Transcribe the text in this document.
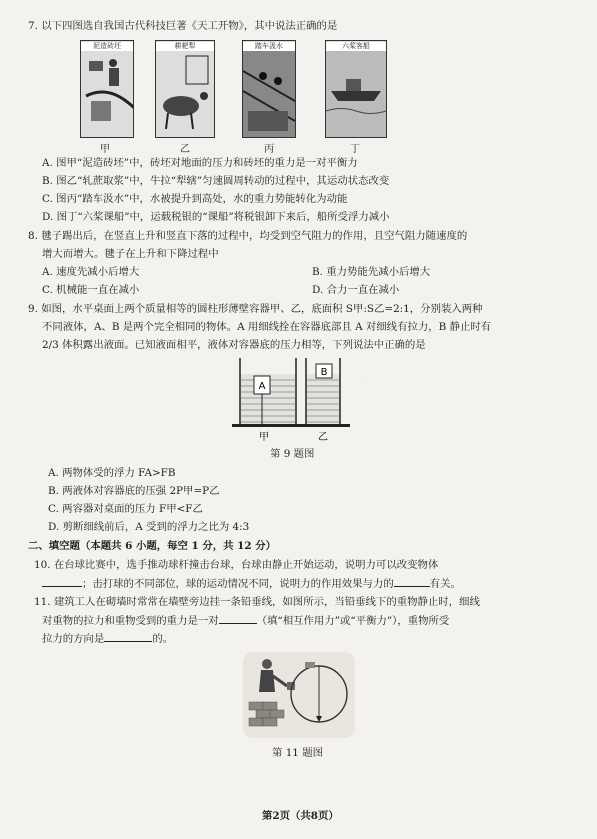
·
7. 以下四图选自我国古代科技巨著《天工开物》，其中说法正确的是
泥造砖坯
甲
耕耙犁
乙
踏车汲水
丙
六桨客船
丁
A. 图甲“泥造砖坯”中，砖坯对地面的压力和砖坯的重力是一对平衡力
B. 图乙“轧蔗取浆”中，牛拉“犁辖”匀速圆周转动的过程中，其运动状态改变
C. 图丙“踏车汲水”中，水被提升到高处，水的重力势能转化为动能
D. 图丁“六桨课船”中，运载税银的“课船”将税银卸下来后，船所受浮力减小
8. 毽子踢出后，在竖直上升和竖直下落的过程中，均受到空气阻力的作用，且空气阻力随速度的
增大而增大。毽子在上升和下降过程中
A. 速度先减小后增大	B. 重力势能先减小后增大
C. 机械能一直在减小	D. 合力一直在减小
9. 如图，水平桌面上两个质量相等的圆柱形薄壁容器甲、乙，底面积 S甲:S乙=2:1，分别装入两种
不同液体，A、B 是两个完全相同的物体。A 用细线拴在容器底部且 A 对细线有拉力，B 静止时有
2/3 体积露出液面。已知液面相平，液体对容器底的压力相等，下列说法中正确的是
A
B
甲	乙
第 9 题图
A. 两物体受的浮力 FA>FB
B. 两液体对容器底的压强 2P甲=P乙
C. 两容器对桌面的压力 F甲<F乙
D. 剪断细线前后，A 受到的浮力之比为 4:3
二、填空题（本题共 6 小题，每空 1 分，共 12 分）
10. 在台球比赛中，选手推动球杆撞击台球，台球由静止开始运动，说明力可以改变物体
；击打球的不同部位，球的运动情况不同，说明力的作用效果与力的	有关。
11. 建筑工人在砌墙时常常在墙壁旁边挂一条铅垂线，如图所示，当铅垂线下的重物静止时，细线
对重物的拉力和重物受到的重力是一对	（填“相互作用力”或“平衡力”），重物所受
拉力的方向是	的。
第 11 题图
第2页（共8页）
